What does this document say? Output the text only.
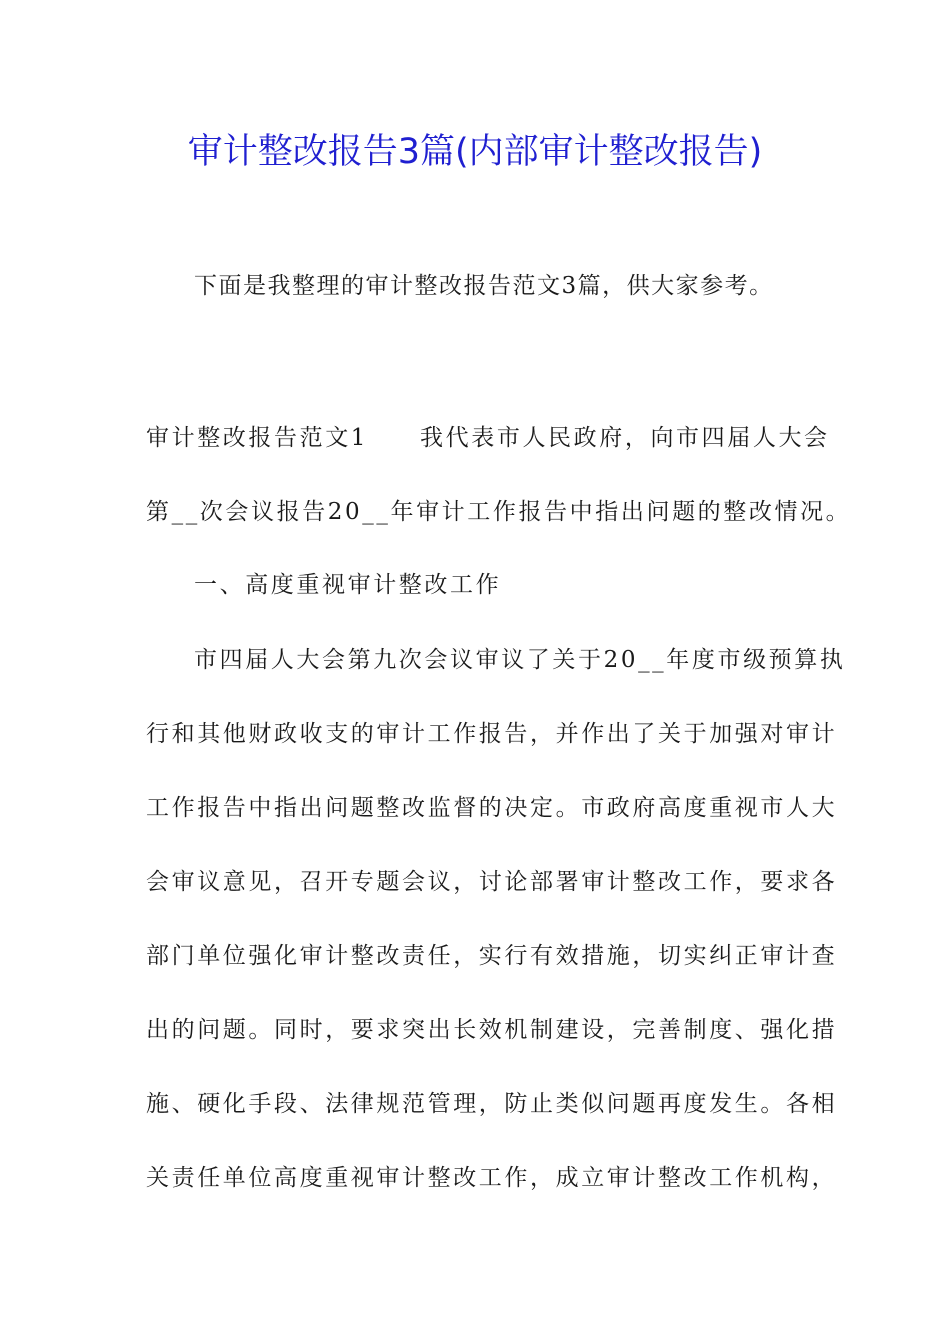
审计整改报告3篇(内部审计整改报告)
下面是我整理的审计整改报告范文3篇，供大家参考。
审计整改报告范文1 我代表市人民政府，向市四届人大会
第__次会议报告20__年审计工作报告中指出问题的整改情况。
一、高度重视审计整改工作
市四届人大会第九次会议审议了关于20__年度市级预算执
行和其他财政收支的审计工作报告，并作出了关于加强对审计
工作报告中指出问题整改监督的决定。市政府高度重视市人大
会审议意见，召开专题会议，讨论部署审计整改工作，要求各
部门单位强化审计整改责任，实行有效措施，切实纠正审计查
出的问题。同时，要求突出长效机制建设，完善制度、强化措
施、硬化手段、法律规范管理，防止类似问题再度发生。各相
关责任单位高度重视审计整改工作，成立审计整改工作机构，
